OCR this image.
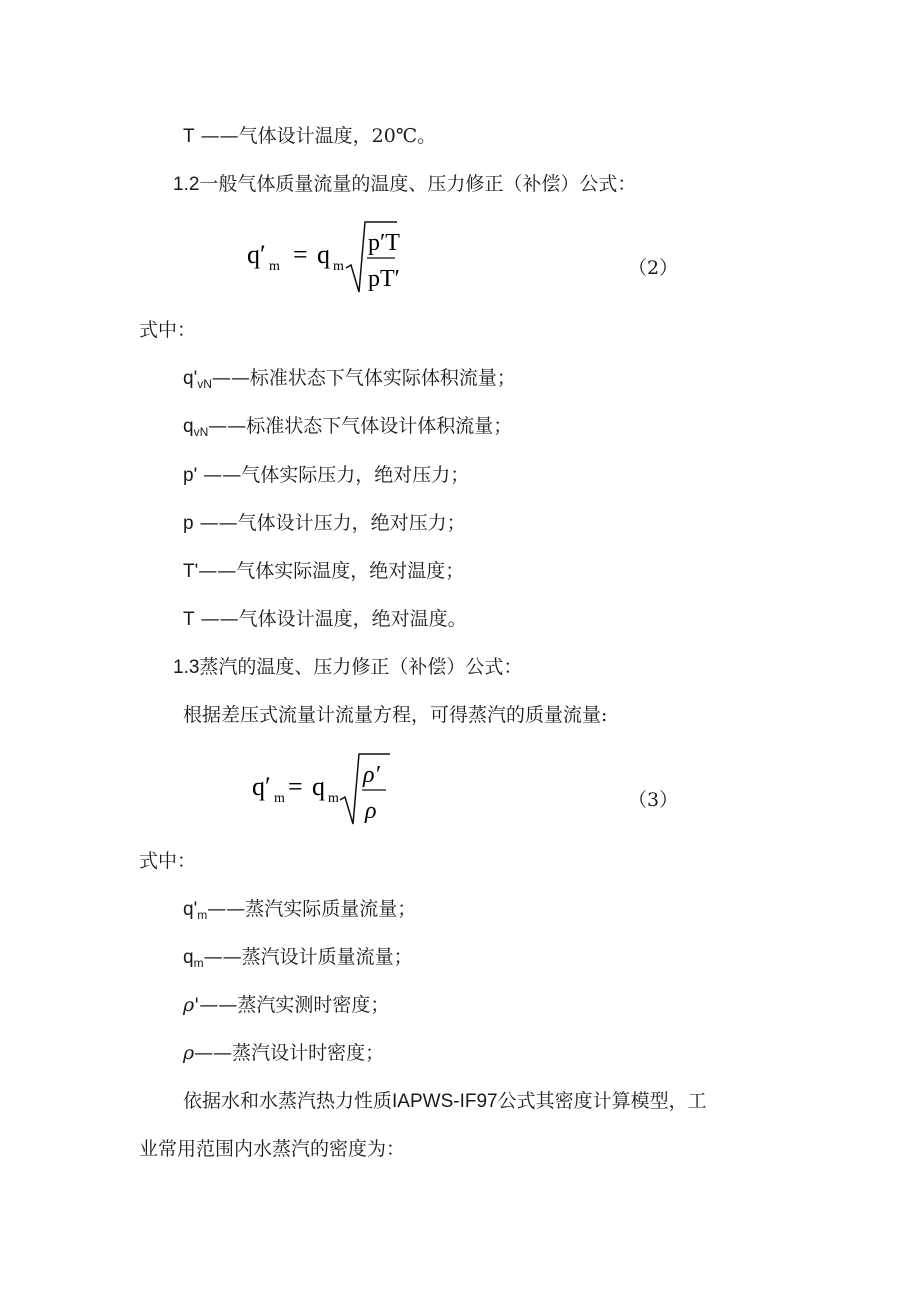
T ——气体设计温度，20℃。
1.2一般气体质量流量的温度、压力修正（补偿）公式：
q′ m = q m
p′T
pT′	（2）
式中：
$q'_{vN}——$标准状态下气体实际体积流量；
$q_{vN}——$标准状态下气体设计体积流量；
p' ——气体实际压力，绝对压力；
p ——气体设计压力，绝对压力；
T'——气体实际温度，绝对温度；
T ——气体设计温度，绝对温度。
1.3蒸汽的温度、压力修正（补偿）公式：
根据差压式流量计流量方程，可得蒸汽的质量流量:
q′ m = q m
ρ′
ρ	（3）
式中：
$q'_m——$蒸汽实际质量流量；
$q_m——$蒸汽设计质量流量；
ρ'——蒸汽实测时密度；
ρ——蒸汽设计时密度；
依据水和水蒸汽热力性质IAPWS-IF97公式其密度计算模型，工
业常用范围内水蒸汽的密度为：
